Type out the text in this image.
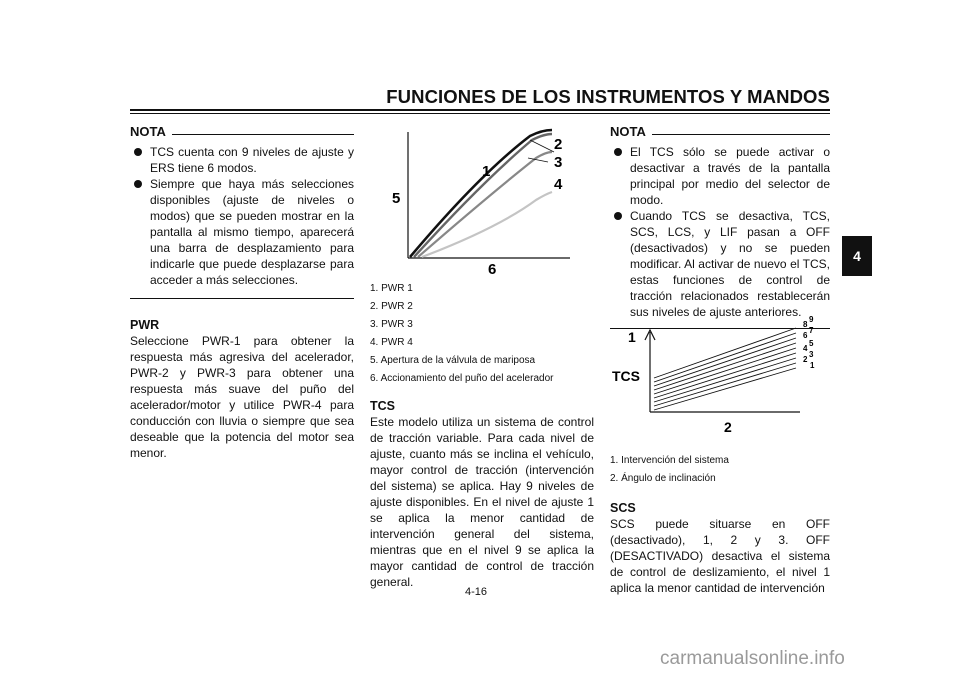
FUNCIONES DE LOS INSTRUMENTOS Y MANDOS
4
NOTA
TCS cuenta con 9 niveles de ajuste y ERS tiene 6 modos.
Siempre que haya más selecciones disponibles (ajuste de niveles o modos) que se pueden mostrar en la pantalla al mismo tiempo, aparecerá una barra de desplazamiento para indicarle que puede desplazarse para acceder a más selecciones.
PWR
Seleccione PWR-1 para obtener la respuesta más agresiva del acelerador, PWR-2 y PWR-3 para obtener una respuesta más suave del puño del acelerador/motor y utilice PWR-4 para conducción con lluvia o siempre que sea deseable que la potencia del motor sea menor.
2
3
4
1
5
6
1. PWR 1
2. PWR 2
3. PWR 3
4. PWR 4
5. Apertura de la válvula de mariposa
6. Accionamiento del puño del acelerador
TCS
Este modelo utiliza un sistema de control de tracción variable. Para cada nivel de ajuste, cuanto más se inclina el vehículo, mayor control de tracción (intervención del sistema) se aplica. Hay 9 niveles de ajuste disponibles. En el nivel de ajuste 1 se aplica la menor cantidad de intervención general del sistema, mientras que en el nivel 9 se aplica la mayor cantidad de control de tracción general.
NOTA
El TCS sólo se puede activar o desactivar a través de la pantalla principal por medio del selector de modo.
Cuando TCS se desactiva, TCS, SCS, LCS, y LIF pasan a OFF (desactivados) y no se pueden modificar. Al activar de nuevo el TCS, estas funciones de control de tracción relacionados restablecerán sus niveles de ajuste anteriores.
1
2
3
4
5
6
7
8
9
1
TCS
2
1. Intervención del sistema
2. Ángulo de inclinación
SCS
SCS puede situarse en OFF (desactivado), 1, 2 y 3. OFF (DESACTIVADO) desactiva el sistema de control de deslizamiento, el nivel 1 aplica la menor cantidad de intervención
4-16
carmanualsonline.info
